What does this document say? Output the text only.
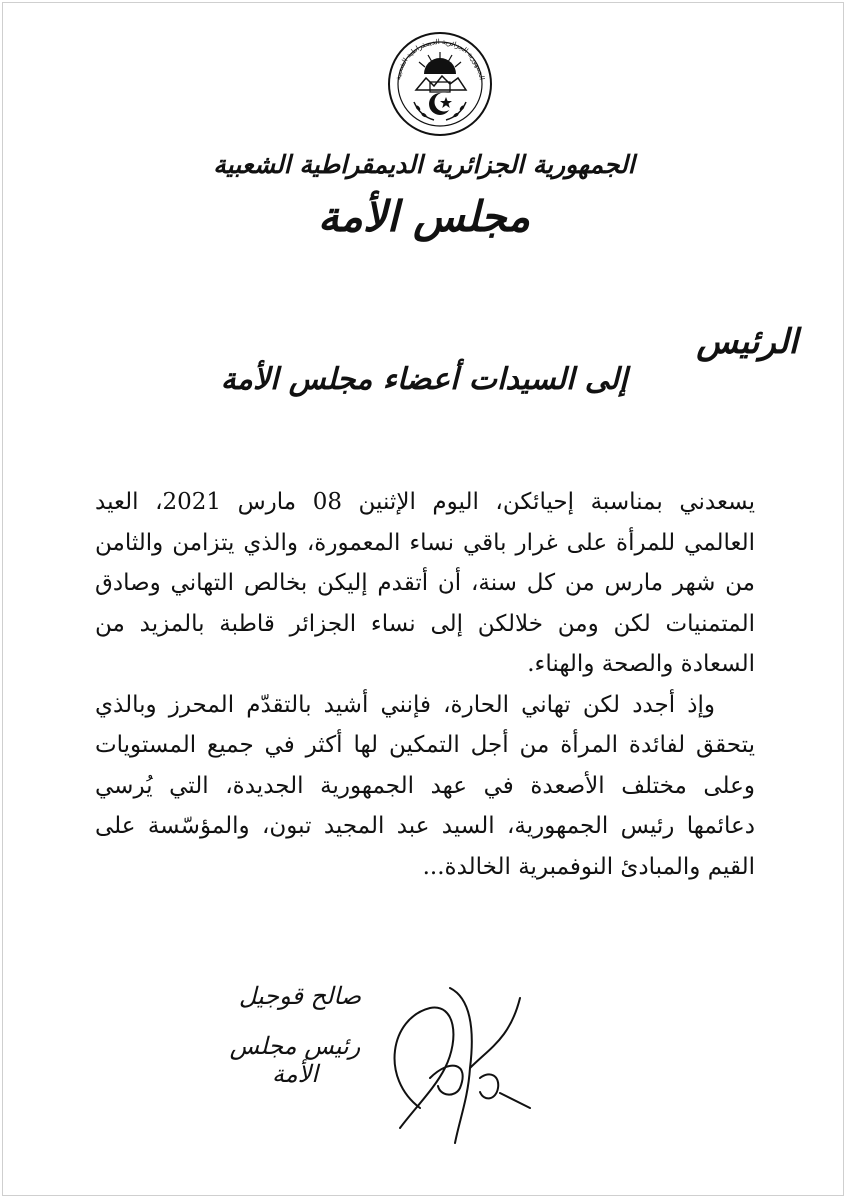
الجمهورية الجزائرية الديمقراطية الشعبية
الجمهورية الجزائرية الديمقراطية الشعبية
مجلس الأمة
الرئيس
إلى السيدات أعضاء مجلس الأمة

يسعدني بمناسبة إحيائكن، اليوم الإثنين 08 مارس 2021، العيد العالمي للمرأة على غرار باقي نساء المعمورة، والذي يتزامن والثامن من شهر مارس من كل سنة، أن أتقدم إليكن بخالص التهاني وصادق المتمنيات لكن ومن خلالكن إلى نساء الجزائر قاطبة بالمزيد من السعادة والصحة والهناء.

وإذ أجدد لكن تهاني الحارة، فإنني أشيد بالتقدّم المحرز وبالذي يتحقق لفائدة المرأة من أجل التمكين لها أكثر في جميع المستويات وعلى مختلف الأصعدة في عهد الجمهورية الجديدة، التي يُرسي دعائمها رئيس الجمهورية، السيد عبد المجيد تبون، والمؤسّسة على القيم والمبادئ النوفمبرية الخالدة...

صالح قوجيل
رئيس مجلس الأمة
